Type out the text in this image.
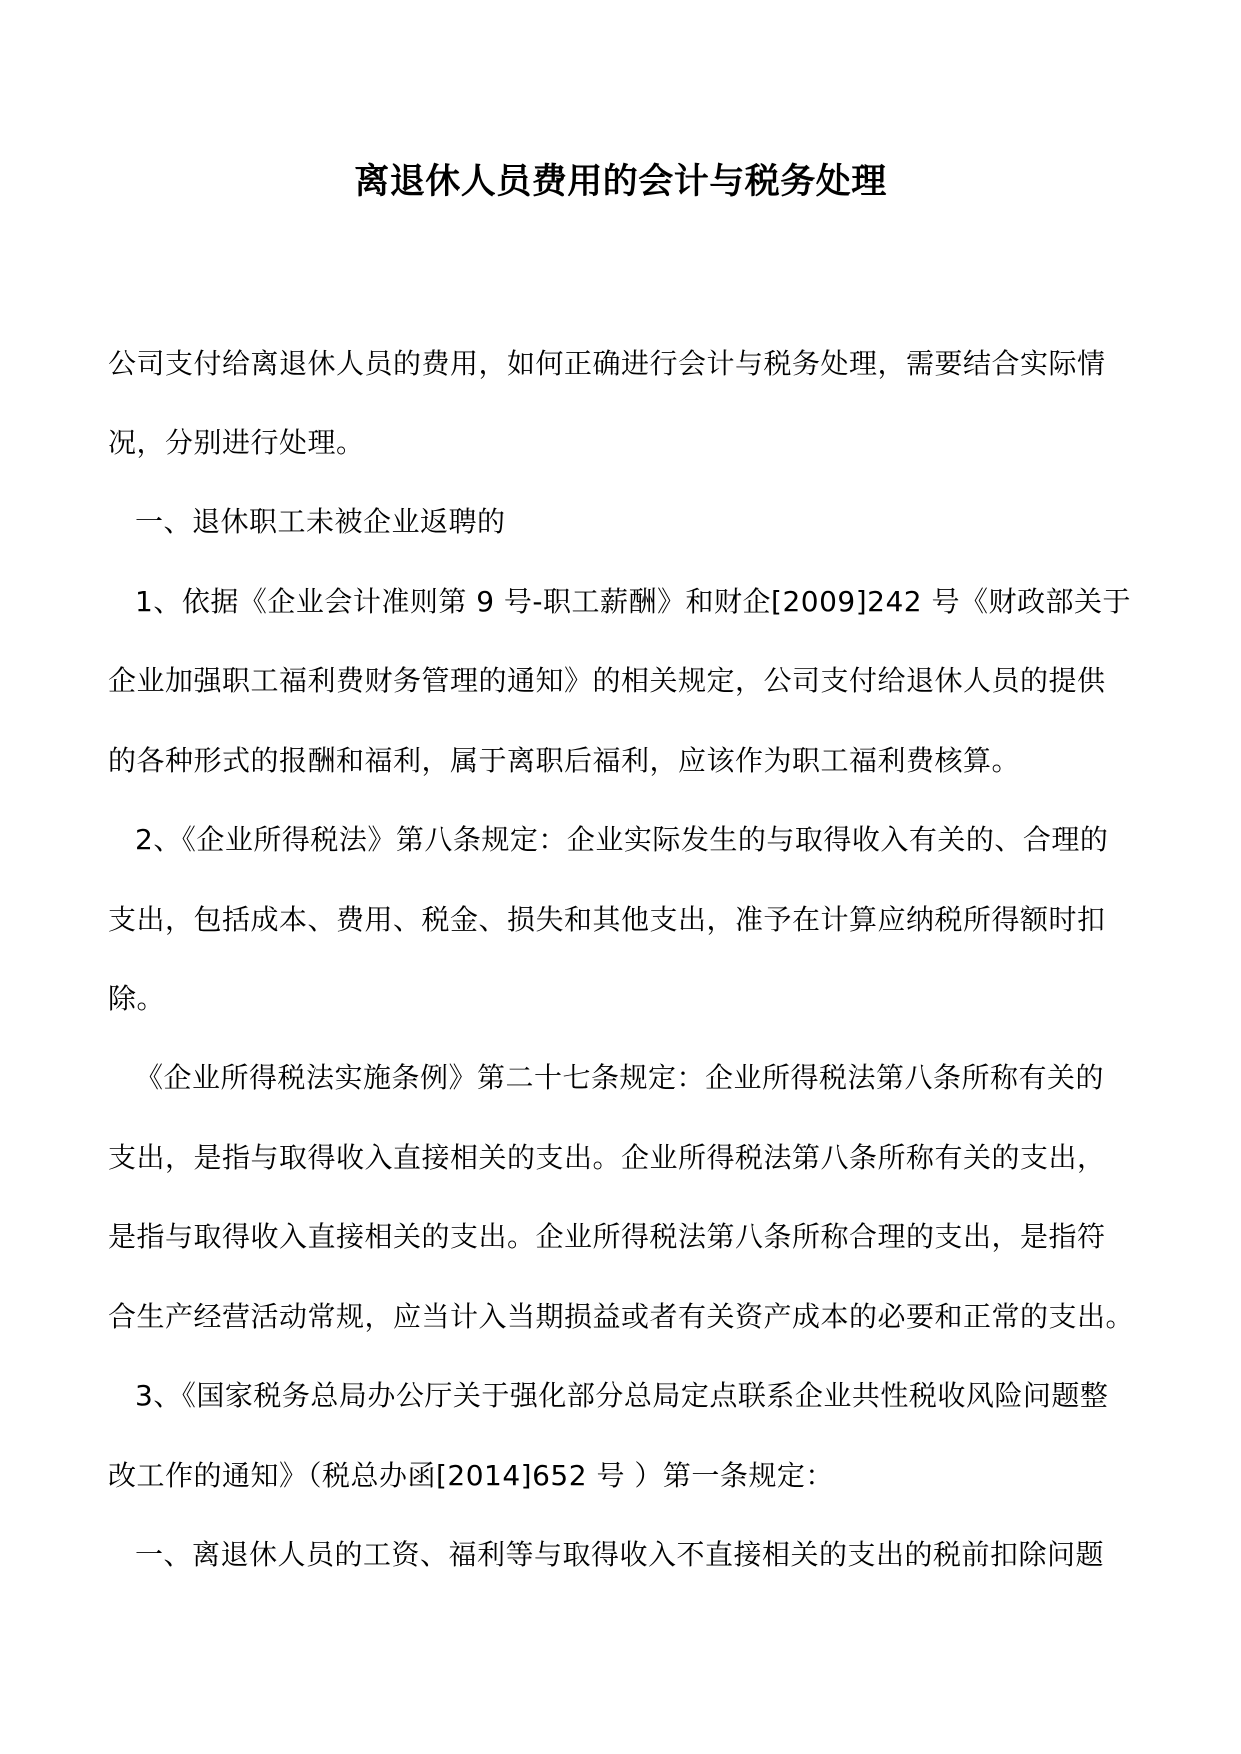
离退休人员费用的会计与税务处理
公司支付给离退休人员的费用，如何正确进行会计与税务处理，需要结合实际情
况，分别进行处理。
一、退休职工未被企业返聘的
1、依据《企业会计准则第 9 号-职工薪酬》和财企[2009]242 号《财政部关于
企业加强职工福利费财务管理的通知》的相关规定，公司支付给退休人员的提供
的各种形式的报酬和福利，属于离职后福利，应该作为职工福利费核算。
2、《企业所得税法》第八条规定：企业实际发生的与取得收入有关的、合理的
支出，包括成本、费用、税金、损失和其他支出，准予在计算应纳税所得额时扣
除。
《企业所得税法实施条例》第二十七条规定：企业所得税法第八条所称有关的
支出，是指与取得收入直接相关的支出。企业所得税法第八条所称有关的支出，
是指与取得收入直接相关的支出。企业所得税法第八条所称合理的支出，是指符
合生产经营活动常规，应当计入当期损益或者有关资产成本的必要和正常的支出。
3、《国家税务总局办公厅关于强化部分总局定点联系企业共性税收风险问题整
改工作的通知》（税总办函[2014]652 号 ）第一条规定：
一、离退休人员的工资、福利等与取得收入不直接相关的支出的税前扣除问题
